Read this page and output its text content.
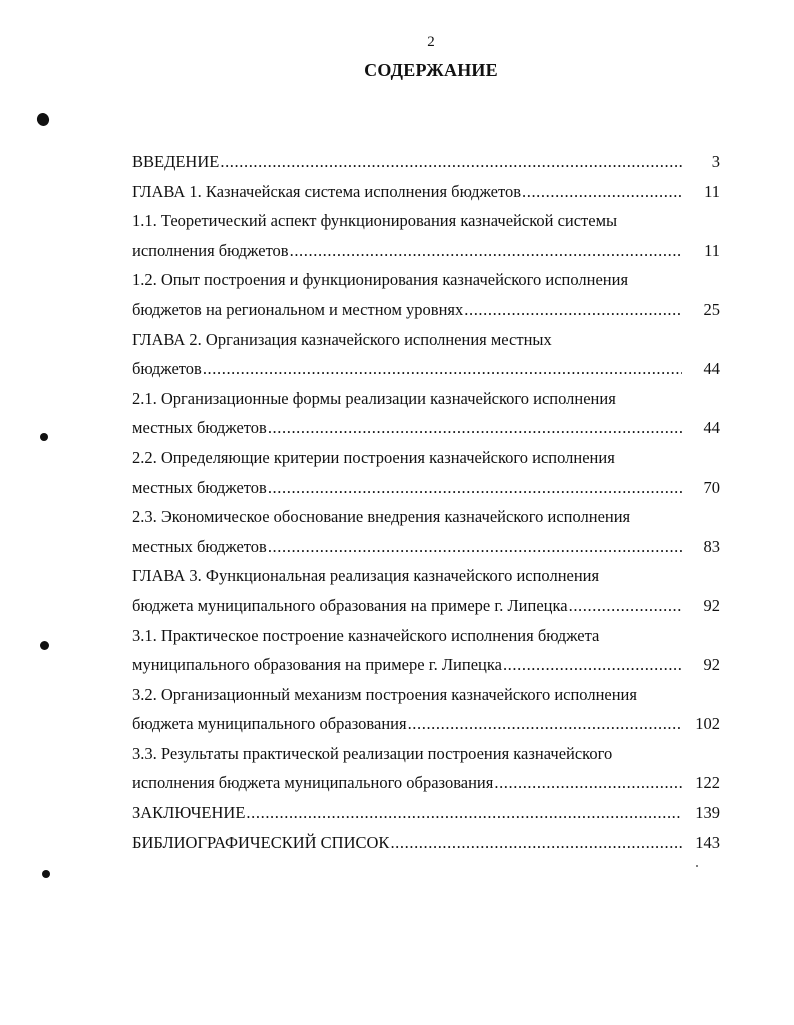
2
СОДЕРЖАНИЕ
ВВЕДЕНИЕ .....	3
ГЛАВА 1. Казначейская система исполнения бюджетов .....	11
1.1. Теоретический аспект функционирования казначейской системы
исполнения бюджетов .....	11
1.2. Опыт построения и функционирования казначейского исполнения
бюджетов на региональном и местном уровнях .....	25
ГЛАВА 2. Организация казначейского исполнения местных
бюджетов .....	44
2.1. Организационные формы реализации казначейского исполнения
местных бюджетов .....	44
2.2. Определяющие критерии построения казначейского исполнения
местных бюджетов .....	70
2.3. Экономическое обоснование внедрения казначейского исполнения
местных бюджетов .....	83
ГЛАВА 3. Функциональная реализация казначейского исполнения
бюджета муниципального образования на примере г. Липецка .....	92
3.1. Практическое построение казначейского исполнения бюджета
муниципального образования на примере г. Липецка .....	92
3.2. Организационный механизм построения казначейского исполнения
бюджета муниципального образования .....	102
3.3. Результаты практической реализации построения казначейского
исполнения бюджета муниципального образования .....	122
ЗАКЛЮЧЕНИЕ .....	139
БИБЛИОГРАФИЧЕСКИЙ СПИСОК .....	143
